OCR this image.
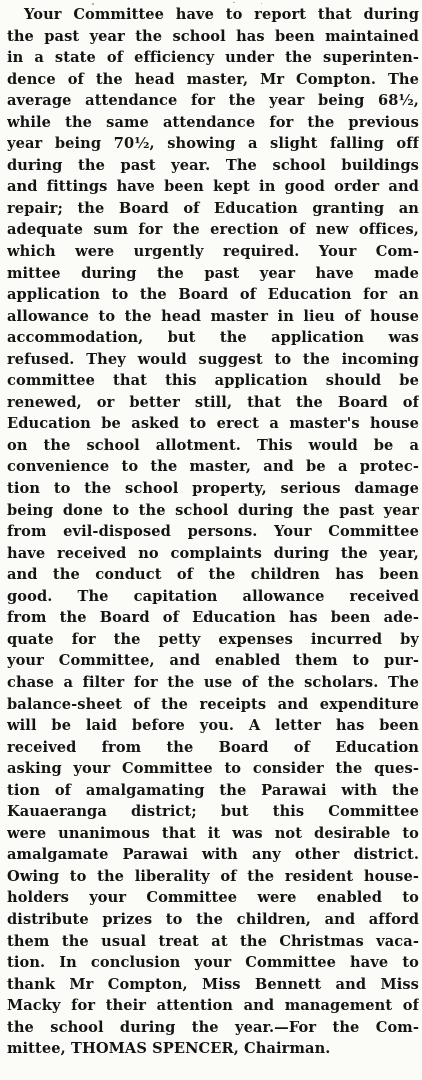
Your Committee have to report that during
the past year the school has been maintained
in a state of efficiency under the superinten-
dence of the head master, Mr Compton. The
average attendance for the year being 68½,
while the same attendance for the previous
year being 70½, showing a slight falling off
during the past year. The school buildings
and fittings have been kept in good order and
repair; the Board of Education granting an
adequate sum for the erection of new offices,
which were urgently required. Your Com-
mittee during the past year have made
application to the Board of Education for an
allowance to the head master in lieu of house
accommodation, but the application was
refused. They would suggest to the incoming
committee that this application should be
renewed, or better still, that the Board of
Education be asked to erect a master's house
on the school allotment. This would be a
convenience to the master, and be a protec-
tion to the school property, serious damage
being done to the school during the past year
from evil-disposed persons. Your Committee
have received no complaints during the year,
and the conduct of the children has been
good. The capitation allowance received
from the Board of Education has been ade-
quate for the petty expenses incurred by
your Committee, and enabled them to pur-
chase a filter for the use of the scholars. The
balance-sheet of the receipts and expenditure
will be laid before you. A letter has been
received from the Board of Education
asking your Committee to consider the ques-
tion of amalgamating the Parawai with the
Kauaeranga district; but this Committee
were unanimous that it was not desirable to
amalgamate Parawai with any other district.
Owing to the liberality of the resident house-
holders your Committee were enabled to
distribute prizes to the children, and afford
them the usual treat at the Christmas vaca-
tion. In conclusion your Committee have to
thank Mr Compton, Miss Bennett and Miss
Macky for their attention and management of
the school during the year.—For the Com-
mittee, THOMAS SPENCER, Chairman.
